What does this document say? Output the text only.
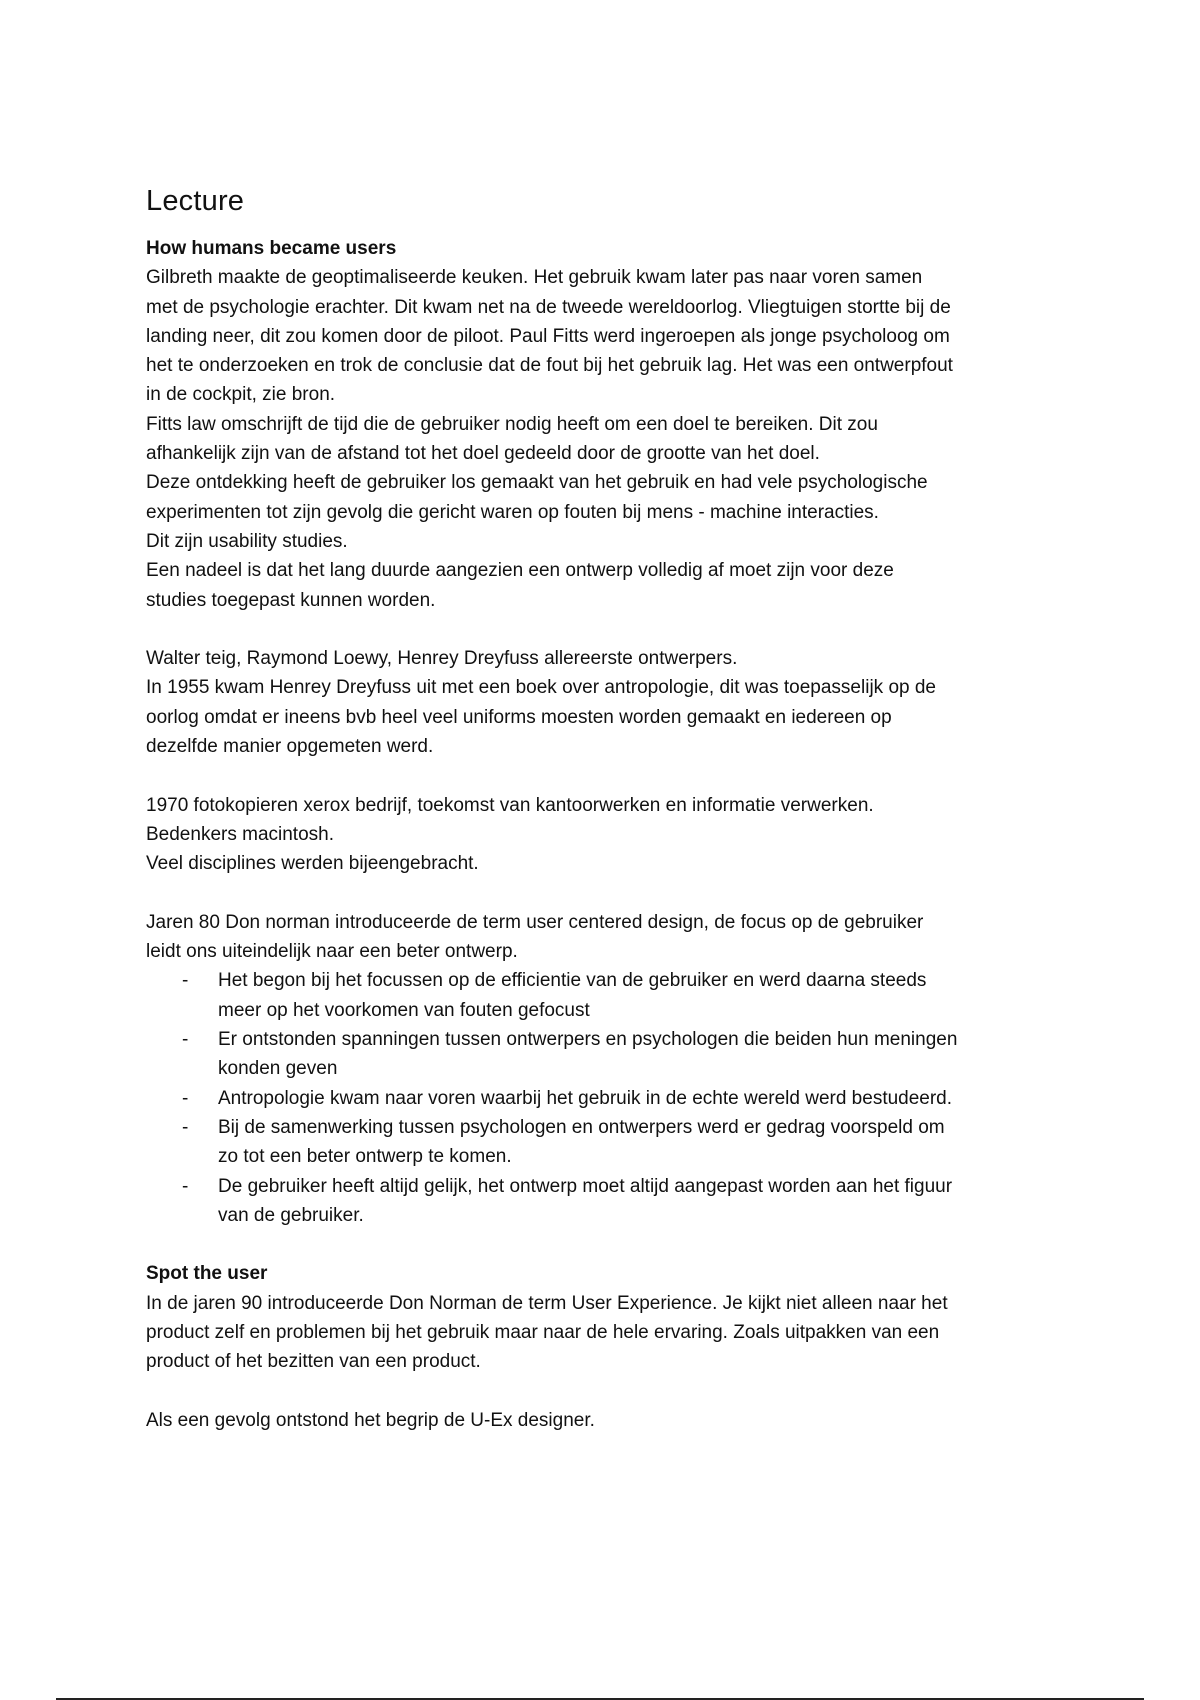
Lecture
How humans became users

Gilbreth maakte de geoptimaliseerde keuken. Het gebruik kwam later pas naar voren samen
met de psychologie erachter. Dit kwam net na de tweede wereldoorlog. Vliegtuigen stortte bij de
landing neer, dit zou komen door de piloot. Paul Fitts werd ingeroepen als jonge psycholoog om
het te onderzoeken en trok de conclusie dat de fout bij het gebruik lag. Het was een ontwerpfout
in de cockpit, zie bron.

Fitts law omschrijft de tijd die de gebruiker nodig heeft om een doel te bereiken. Dit zou
afhankelijk zijn van de afstand tot het doel gedeeld door de grootte van het doel.

Deze ontdekking heeft de gebruiker los gemaakt van het gebruik en had vele psychologische
experimenten tot zijn gevolg die gericht waren op fouten bij mens - machine interacties.

Dit zijn usability studies.

Een nadeel is dat het lang duurde aangezien een ontwerp volledig af moet zijn voor deze
studies toegepast kunnen worden.

Walter teig, Raymond Loewy, Henrey Dreyfuss allereerste ontwerpers.

In 1955 kwam Henrey Dreyfuss uit met een boek over antropologie, dit was toepasselijk op de
oorlog omdat er ineens bvb heel veel uniforms moesten worden gemaakt en iedereen op
dezelfde manier opgemeten werd.

1970 fotokopieren xerox bedrijf, toekomst van kantoorwerken en informatie verwerken.

Bedenkers macintosh.

Veel disciplines werden bijeengebracht.

Jaren 80 Don norman introduceerde de term user centered design, de focus op de gebruiker
leidt ons uiteindelijk naar een beter ontwerp.

- Het begon bij het focussen op de efficientie van de gebruiker en werd daarna steeds
meer op het voorkomen van fouten gefocust
- Er ontstonden spanningen tussen ontwerpers en psychologen die beiden hun meningen
konden geven
- Antropologie kwam naar voren waarbij het gebruik in de echte wereld werd bestudeerd.
- Bij de samenwerking tussen psychologen en ontwerpers werd er gedrag voorspeld om
zo tot een beter ontwerp te komen.
- De gebruiker heeft altijd gelijk, het ontwerp moet altijd aangepast worden aan het figuur
van de gebruiker.
Spot the user

In de jaren 90 introduceerde Don Norman de term User Experience. Je kijkt niet alleen naar het
product zelf en problemen bij het gebruik maar naar de hele ervaring. Zoals uitpakken van een
product of het bezitten van een product.

Als een gevolg ontstond het begrip de U-Ex designer.
